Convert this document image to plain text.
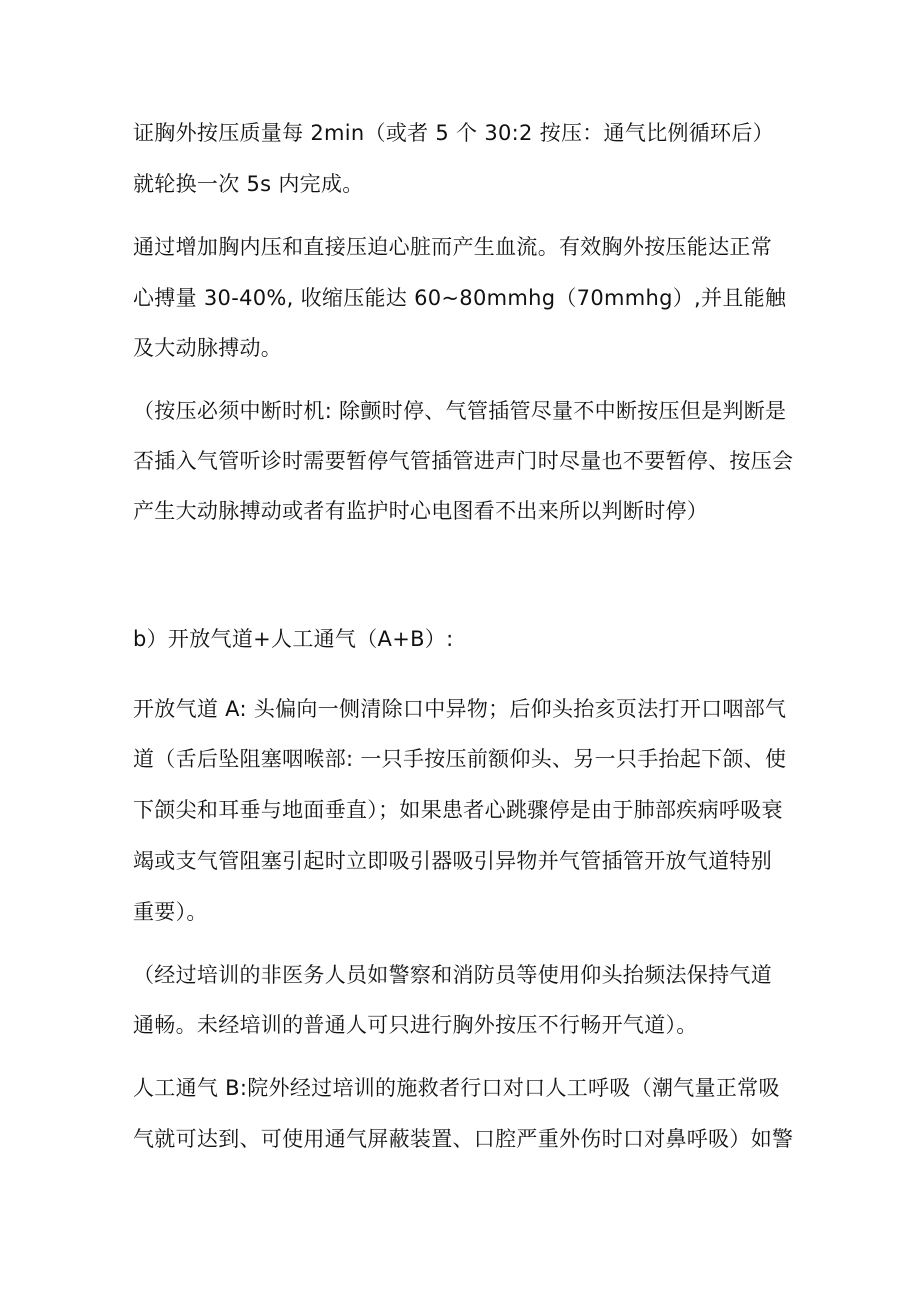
证胸外按压质量每 2min（或者 5 个 30:2 按压：通气比例循环后）
就轮换一次 5s 内完成。
通过增加胸内压和直接压迫心脏而产生血流。有效胸外按压能达正常
心搏量 30-40%, 收缩压能达 60~80mmhg（70mmhg）,并且能触
及大动脉搏动。
（按压必须中断时机: 除颤时停、气管插管尽量不中断按压但是判断是
否插入气管听诊时需要暂停气管插管进声门时尽量也不要暂停、按压会
产生大动脉搏动或者有监护时心电图看不出来所以判断时停）
b）开放气道+人工通气（A+B）:
开放气道 A: 头偏向一侧清除口中异物；后仰头抬亥页法打开口咽部气
道（舌后坠阻塞咽喉部: 一只手按压前额仰头、另一只手抬起下颌、使
下颌尖和耳垂与地面垂直）；如果患者心跳骤停是由于肺部疾病呼吸衰
竭或支气管阻塞引起时立即吸引器吸引异物并气管插管开放气道特别
重要）。
（经过培训的非医务人员如警察和消防员等使用仰头抬频法保持气道
通畅。未经培训的普通人可只进行胸外按压不行畅开气道）。
人工通气 B:院外经过培训的施救者行口对口人工呼吸（潮气量正常吸
气就可达到、可使用通气屏蔽装置、口腔严重外伤时口对鼻呼吸）如警
